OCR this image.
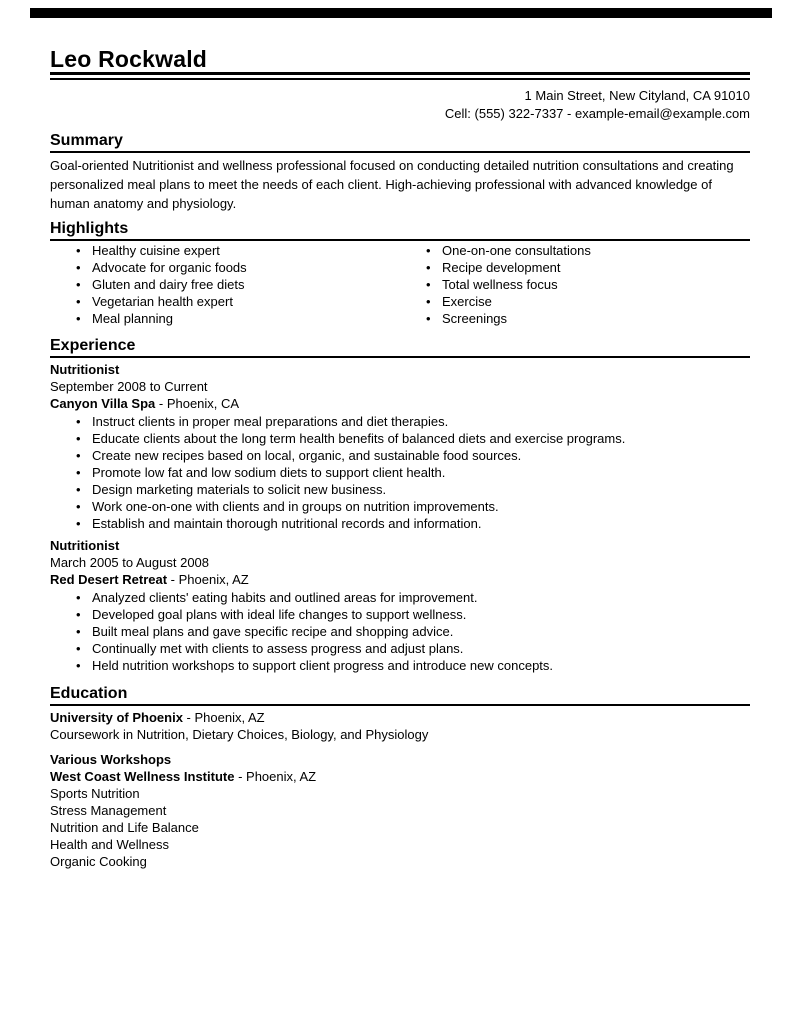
Leo Rockwald
1 Main Street, New Cityland, CA 91010
Cell: (555) 322-7337 - example-email@example.com
Summary

Goal-oriented Nutritionist and wellness professional focused on conducting detailed nutrition consultations and creating personalized meal plans to meet the needs of each client. High-achieving professional with advanced knowledge of human anatomy and physiology.

Highlights
• Healthy cuisine expert
• Advocate for organic foods
• Gluten and dairy free diets
• Vegetarian health expert
• Meal planning
• One-on-one consultations
• Recipe development
• Total wellness focus
• Exercise
• Screenings
Experience
Nutritionist
September 2008 to Current
Canyon Villa Spa - Phoenix, CA
• Instruct clients in proper meal preparations and diet therapies.
• Educate clients about the long term health benefits of balanced diets and exercise programs.
• Create new recipes based on local, organic, and sustainable food sources.
• Promote low fat and low sodium diets to support client health.
• Design marketing materials to solicit new business.
• Work one-on-one with clients and in groups on nutrition improvements.
• Establish and maintain thorough nutritional records and information.
Nutritionist
March 2005 to August 2008
Red Desert Retreat - Phoenix, AZ
• Analyzed clients' eating habits and outlined areas for improvement.
• Developed goal plans with ideal life changes to support wellness.
• Built meal plans and gave specific recipe and shopping advice.
• Continually met with clients to assess progress and adjust plans.
• Held nutrition workshops to support client progress and introduce new concepts.
Education
University of Phoenix - Phoenix, AZ
Coursework in Nutrition, Dietary Choices, Biology, and Physiology
Various Workshops
West Coast Wellness Institute - Phoenix, AZ
Sports Nutrition
Stress Management
Nutrition and Life Balance
Health and Wellness
Organic Cooking
